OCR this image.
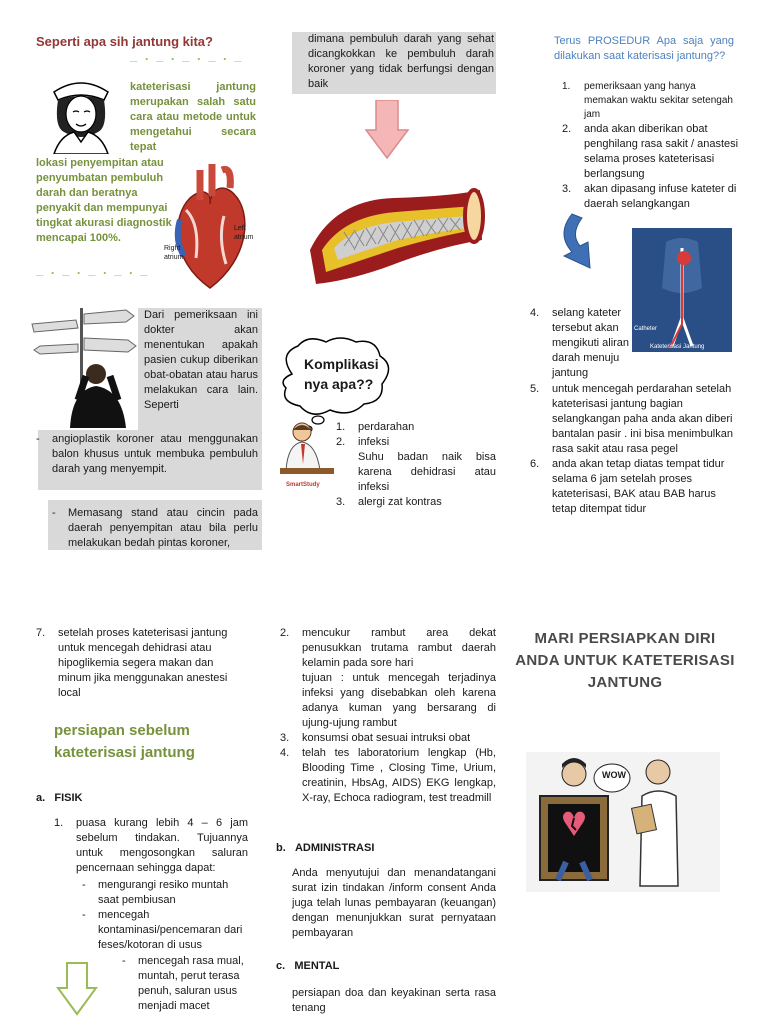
Seperti apa sih jantung kita?
_ . _ . _ . _ . _
kateterisasi jantung merupakan salah satu cara atau metode untuk mengetahui secara tepat
lokasi penyempitan atau penyumbatan pembuluh darah dan beratnya penyakit dan mempunyai tingkat akurasi diagnostik mencapai 100%.
Left atrium
Right atrium
_ . _ . _ . _ . _
Dari pemeriksaan ini dokter akan menentukan apakah pasien cukup diberikan obat-obatan atau harus melakukan cara lain. Seperti
- angioplastik koroner atau menggunakan balon khusus untuk membuka pembuluh darah yang menyempit.
- Memasang stand atau cincin pada daerah penyempitan atau bila perlu melakukan bedah pintas koroner,
dimana pembuluh darah yang sehat dicangkokkan ke pembuluh darah koroner yang tidak berfungsi dengan baik
Komplikasi nya apa??
SmartStudy
1. perdarahan
2. infeksi
Suhu badan naik bisa karena dehidrasi atau infeksi
3. alergi zat kontras
Terus PROSEDUR Apa saja yang dilakukan saat katerisasi jantung??
1. pemeriksaan yang hanya memakan waktu sekitar setengah jam
2. anda akan diberikan obat penghilang rasa sakit / anastesi selama proses kateterisasi berlangsung
3. akan dipasang infuse kateter di daerah selangkangan
Catheter
Kateterisasi Jantung
4. selang kateter tersebut akan mengikuti aliran darah menuju jantung
5. untuk mencegah perdarahan setelah kateterisasi jantung bagian selangkangan paha anda akan diberi bantalan pasir . ini bisa menimbulkan rasa sakit atau rasa pegel
6. anda akan tetap diatas tempat tidur selama 6 jam setelah proses kateterisasi, BAK atau BAB harus tetap ditempat tidur
7. setelah proses kateterisasi jantung untuk mencegah dehidrasi atau hipoglikemia segera makan dan minum jika menggunakan anestesi local
persiapan sebelum kateterisasi jantung
a. FISIK
1. puasa kurang lebih 4 – 6 jam sebelum tindakan. Tujuannya untuk mengosongkan saluran pencernaan sehingga dapat:
- mengurangi resiko muntah saat pembiusan
- mencegah kontaminasi/pencemaran dari feses/kotoran di usus
- mencegah rasa mual, muntah, perut terasa penuh, saluran usus menjadi macet
2. mencukur rambut area dekat penusukkan trutama rambut daerah kelamin pada sore hari
tujuan : untuk mencegah terjadinya infeksi yang disebabkan oleh karena adanya kuman yang bersarang di ujung-ujung rambut
3. konsumsi obat sesuai intruksi obat
4. telah tes laboratorium lengkap (Hb, Blooding Time , Closing Time, Urium, creatinin, HbsAg, AIDS) EKG lengkap, X-ray, Echoca radiogram, test treadmill
b. ADMINISTRASI
Anda menyutujui dan menandatangani surat izin tindakan /inform consent Anda juga telah lunas pembayaran (keuangan) dengan menunjukkan surat pernyataan pembayaran
c. MENTAL
persiapan doa dan keyakinan serta rasa tenang
MARI PERSIAPKAN DIRI ANDA UNTUK KATETERISASI JANTUNG
WOW
